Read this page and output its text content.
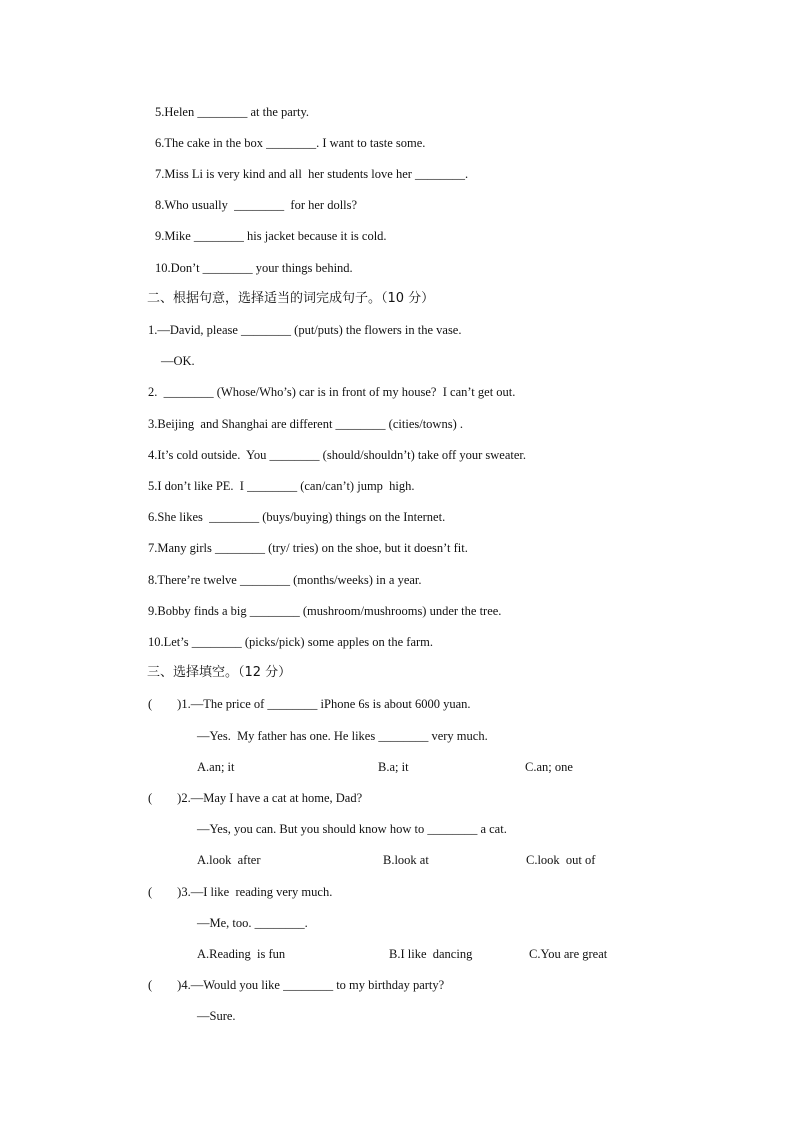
5.Helen ________ at the party.
6.The cake in the box ________. I want to taste some.
7.Miss Li is very kind and all  her students love her ________.
8.Who usually  ________  for her dolls?
9.Mike ________ his jacket because it is cold.
10.Don’t ________ your things behind.
二、根据句意，选择适当的词完成句子。（10 分）
1.—David, please ________ (put/puts) the flowers in the vase.
—OK.
2.  ________ (Whose/Who’s) car is in front of my house?  I can’t get out.
3.Beijing  and Shanghai are different ________ (cities/towns) .
4.It’s cold outside.  You ________ (should/shouldn’t) take off your sweater.
5.I don’t like PE.  I ________ (can/can’t) jump  high.
6.She likes  ________ (buys/buying) things on the Internet.
7.Many girls ________ (try/ tries) on the shoe, but it doesn’t fit.
8.There’re twelve ________ (months/weeks) in a year.
9.Bobby finds a big ________ (mushroom/mushrooms) under the tree.
10.Let’s ________ (picks/pick) some apples on the farm.
三、选择填空。（12 分）
(        )1.—The price of ________ iPhone 6s is about 6000 yuan.
—Yes.  My father has one. He likes ________ very much.
A.an; it	B.a; it	C.an; one
(        )2.—May I have a cat at home, Dad?
—Yes, you can. But you should know how to ________ a cat.
A.look  after	B.look at	C.look  out of
(        )3.—I like  reading very much.
—Me, too. ________.
A.Reading  is fun	B.I like  dancing	C.You are great
(        )4.—Would you like ________ to my birthday party?
—Sure.
